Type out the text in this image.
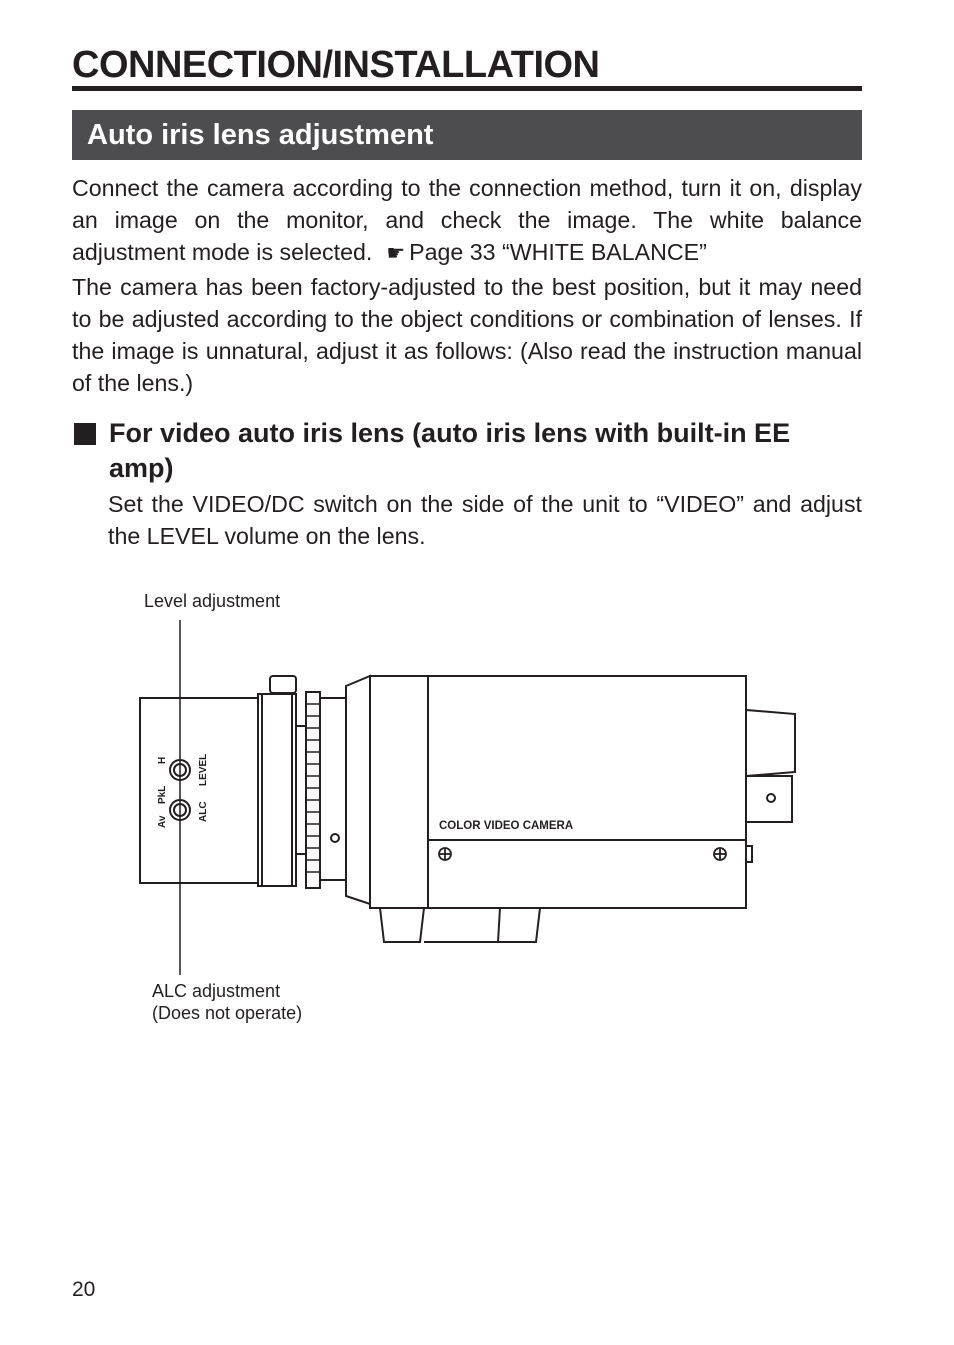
CONNECTION/INSTALLATION
Auto iris lens adjustment

Connect the camera according to the connection method, turn it on, display an image on the monitor, and check the image. The white balance adjustment mode is selected. ☛ Page 33 “WHITE BALANCE”

The camera has been factory-adjusted to the best position, but it may need to be adjusted according to the object conditions or combination of lenses. If the image is unnatural, adjust it as follows: (Also read the instruction manual of the lens.)

For video auto iris lens (auto iris lens with built-in EE amp)

Set the VIDEO/DC switch on the side of the unit to “VIDEO” and adjust the LEVEL volume on the lens.

H	LEVEL
PkL
ALC
Av	COLOR VIDEO CAMERA

Level adjustment

ALC adjustment

(Does not operate)

20
